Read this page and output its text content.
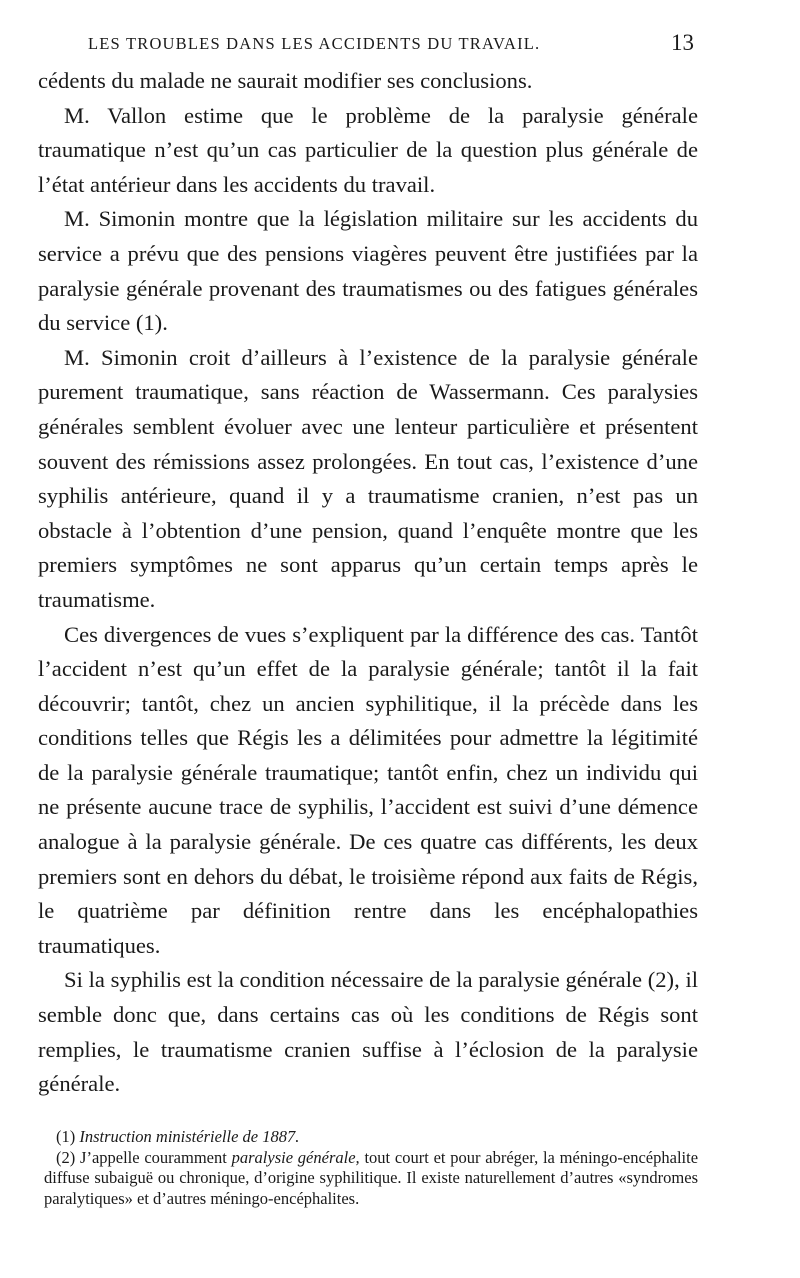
LES TROUBLES DANS LES ACCIDENTS DU TRAVAIL.	13

cédents du malade ne saurait modifier ses conclusions.

M. Vallon estime que le problème de la paralysie générale traumatique n’est qu’un cas particulier de la question plus générale de l’état antérieur dans les accidents du travail.

M. Simonin montre que la législation militaire sur les accidents du service a prévu que des pensions viagères peuvent être justifiées par la paralysie générale provenant des traumatismes ou des fatigues générales du service (1).

M. Simonin croit d’ailleurs à l’existence de la paralysie générale purement traumatique, sans réaction de Wassermann. Ces paralysies générales semblent évoluer avec une lenteur particulière et présentent souvent des rémissions assez prolongées. En tout cas, l’existence d’une syphilis antérieure, quand il y a traumatisme cranien, n’est pas un obstacle à l’obtention d’une pension, quand l’enquête montre que les premiers symptômes ne sont apparus qu’un certain temps après le traumatisme.

Ces divergences de vues s’expliquent par la différence des cas. Tantôt l’accident n’est qu’un effet de la paralysie générale; tantôt il la fait découvrir; tantôt, chez un ancien syphilitique, il la précède dans les conditions telles que Régis les a délimitées pour admettre la légitimité de la paralysie générale traumatique; tantôt enfin, chez un individu qui ne présente aucune trace de syphilis, l’accident est suivi d’une démence analogue à la paralysie générale. De ces quatre cas différents, les deux premiers sont en dehors du débat, le troisième répond aux faits de Régis, le quatrième par définition rentre dans les encéphalopathies traumatiques.

Si la syphilis est la condition nécessaire de la paralysie générale (2), il semble donc que, dans certains cas où les conditions de Régis sont remplies, le traumatisme cranien suffise à l’éclosion de la paralysie générale.

(1) Instruction ministérielle de 1887.

(2) J’appelle couramment paralysie générale, tout court et pour abréger, la méningo-encéphalite diffuse subaiguë ou chronique, d’origine syphilitique. Il existe naturellement d’autres «syndromes paralytiques» et d’autres méningo-encéphalites.
